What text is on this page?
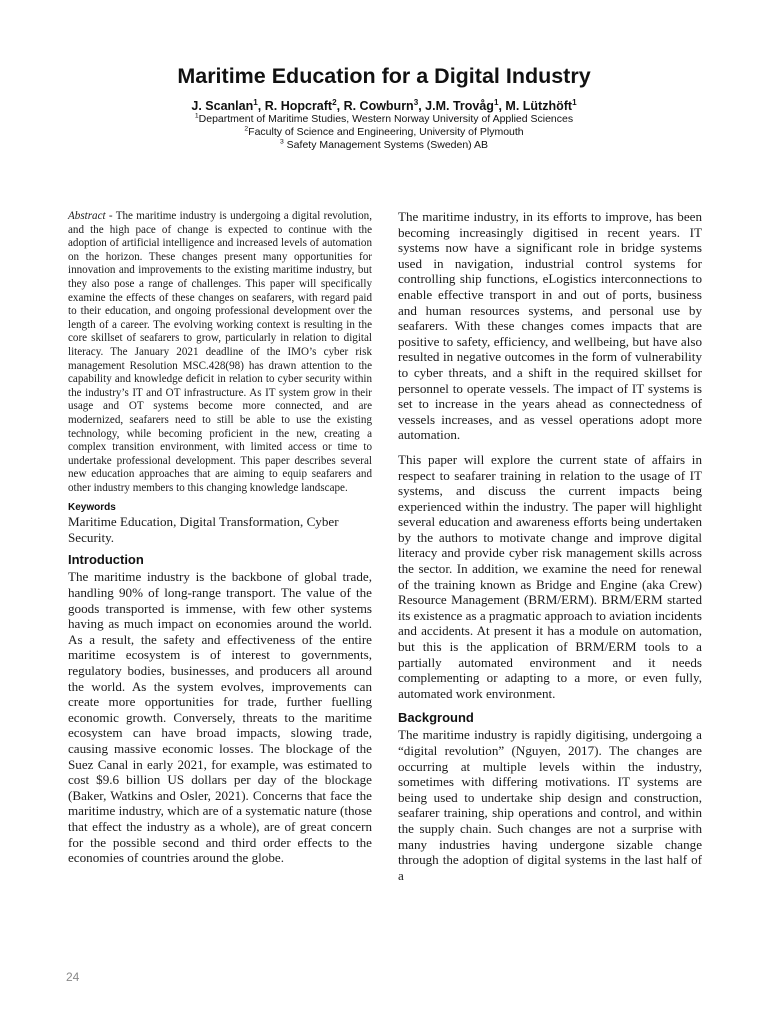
Maritime Education for a Digital Industry
J. Scanlan$^1$, R. Hopcraft$^2$, R. Cowburn$^3$, J.M. Trovåg$^1$, M. Lützhöft$^1$
$^1$Department of Maritime Studies, Western Norway University of Applied Sciences
$^2$Faculty of Science and Engineering, University of Plymouth
$^3$ Safety Management Systems (Sweden) AB

Abstract - The maritime industry is undergoing a digital revolution, and the high pace of change is expected to continue with the adoption of artificial intelligence and increased levels of automation on the horizon. These changes present many opportunities for innovation and improvements to the existing maritime industry, but they also pose a range of challenges. This paper will specifically examine the effects of these changes on seafarers, with regard paid to their education, and ongoing professional development over the length of a career. The evolving working context is resulting in the core skillset of seafarers to grow, particularly in relation to digital literacy. The January 2021 deadline of the IMO’s cyber risk management Resolution MSC.428(98) has drawn attention to the capability and knowledge deficit in relation to cyber security within the industry’s IT and OT infrastructure. As IT system grow in their usage and OT systems become more connected, and are modernized, seafarers need to still be able to use the existing technology, while becoming proficient in the new, creating a complex transition environment, with limited access or time to undertake professional development. This paper describes several new education approaches that are aiming to equip seafarers and other industry members to this changing knowledge landscape.

Keywords

Maritime Education, Digital Transformation, Cyber Security.

Introduction

The maritime industry is the backbone of global trade, handling 90% of long-range transport. The value of the goods transported is immense, with few other systems having as much impact on economies around the world. As a result, the safety and effectiveness of the entire maritime ecosystem is of interest to governments, regulatory bodies, businesses, and producers all around the world. As the system evolves, improvements can create more opportunities for trade, further fuelling economic growth. Conversely, threats to the maritime ecosystem can have broad impacts, slowing trade, causing massive economic losses. The blockage of the Suez Canal in early 2021, for example, was estimated to cost $9.6 billion US dollars per day of the blockage (Baker, Watkins and Osler, 2021). Concerns that face the maritime industry, which are of a systematic nature (those that effect the industry as a whole), are of great concern for the possible second and third order effects to the economies of countries around the globe.

The maritime industry, in its efforts to improve, has been becoming increasingly digitised in recent years. IT systems now have a significant role in bridge systems used in navigation, industrial control systems for controlling ship functions, eLogistics interconnections to enable effective transport in and out of ports, business and human resources systems, and personal use by seafarers. With these changes comes impacts that are positive to safety, efficiency, and wellbeing, but have also resulted in negative outcomes in the form of vulnerability to cyber threats, and a shift in the required skillset for personnel to operate vessels. The impact of IT systems is set to increase in the years ahead as connectedness of vessels increases, and as vessel operations adopt more automation.

This paper will explore the current state of affairs in respect to seafarer training in relation to the usage of IT systems, and discuss the current impacts being experienced within the industry. The paper will highlight several education and awareness efforts being undertaken by the authors to motivate change and improve digital literacy and provide cyber risk management skills across the sector. In addition, we examine the need for renewal of the training known as Bridge and Engine (aka Crew) Resource Management (BRM/ERM). BRM/ERM started its existence as a pragmatic approach to aviation incidents and accidents. At present it has a module on automation, but this is the application of BRM/ERM tools to a partially automated environment and it needs complementing or adapting to a more, or even fully, automated work environment.

Background

The maritime industry is rapidly digitising, undergoing a “digital revolution” (Nguyen, 2017). The changes are occurring at multiple levels within the industry, sometimes with differing motivations. IT systems are being used to undertake ship design and construction, seafarer training, ship operations and control, and within the supply chain. Such changes are not a surprise with many industries having undergone sizable change through the adoption of digital systems in the last half of a

24
